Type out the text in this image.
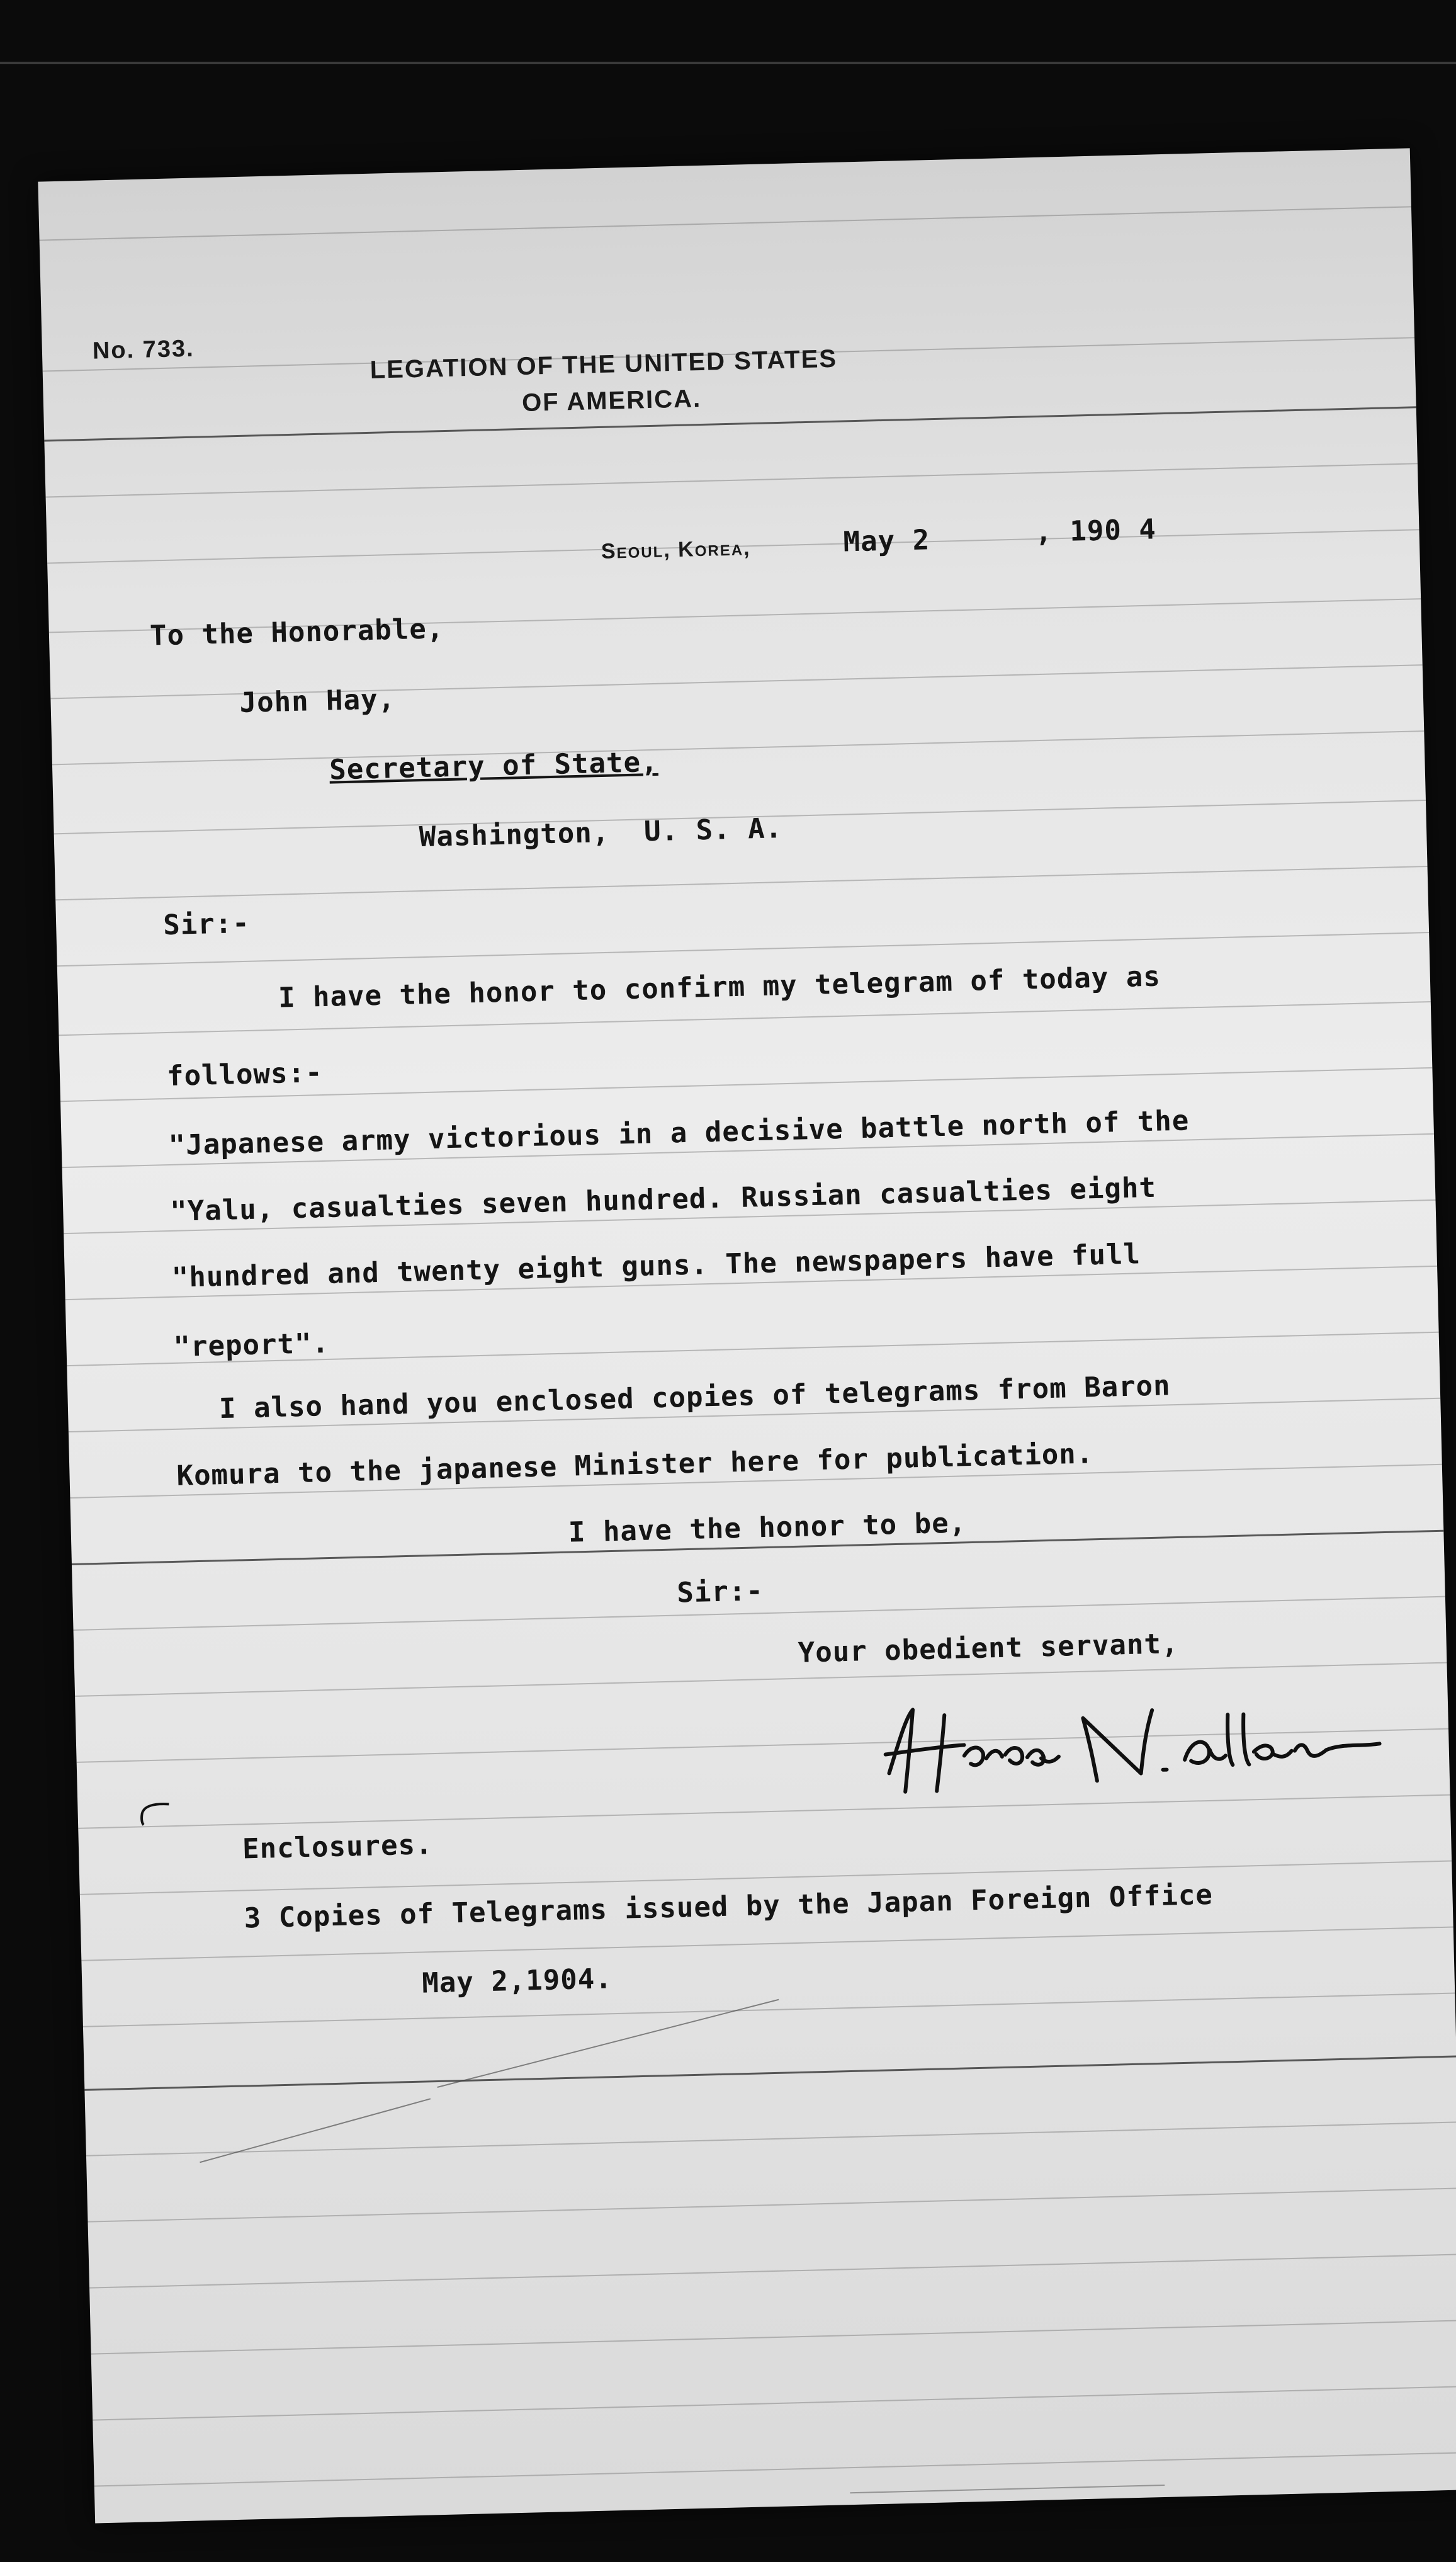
No. 733.	LEGATION OF THE UNITED STATES
OF AMERICA.
Seoul, Korea,	May 2	, 190 4
To the Honorable,
John Hay,
Secretary of State,
Washington,  U. S. A.
Sir:-
I have the honor to confirm my telegram of today as
follows:-
"Japanese army victorious in a decisive battle north of the
"Yalu, casualties seven hundred. Russian casualties eight
"hundred and twenty eight guns. The newspapers have full
"report".
I also hand you enclosed copies of telegrams from Baron
Komura to the japanese Minister here for publication.
I have the honor to be,
Sir:-
Your obedient servant,
Enclosures.
3 Copies of Telegrams issued by the Japan Foreign Office
May 2,1904.
